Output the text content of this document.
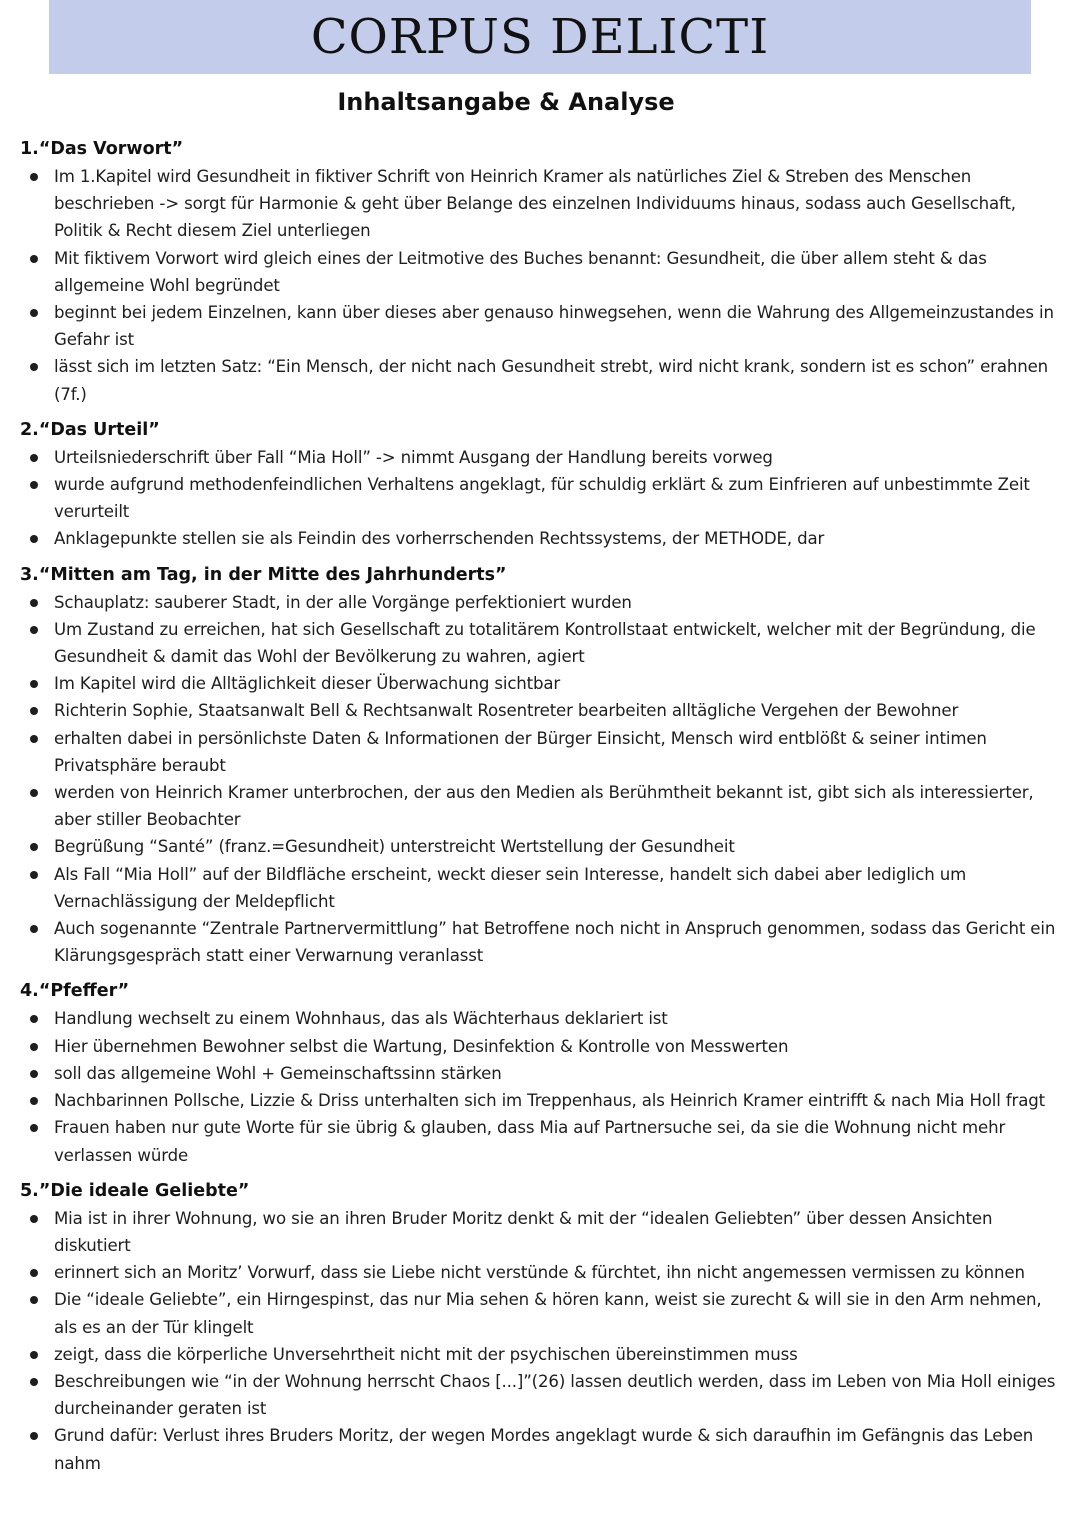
CORPUS DELICTI
Inhaltsangabe & Analyse
1.“Das Vorwort”
Im 1.Kapitel wird Gesundheit in fiktiver Schrift von Heinrich Kramer als natürliches Ziel & Streben des Menschen beschrieben -> sorgt für Harmonie & geht über Belange des einzelnen Individuums hinaus, sodass auch Gesellschaft, Politik & Recht diesem Ziel unterliegen
Mit fiktivem Vorwort wird gleich eines der Leitmotive des Buches benannt: Gesundheit, die über allem steht & das allgemeine Wohl begründet
beginnt bei jedem Einzelnen, kann über dieses aber genauso hinwegsehen, wenn die Wahrung des Allgemeinzustandes in Gefahr ist
lässt sich im letzten Satz: “Ein Mensch, der nicht nach Gesundheit strebt, wird nicht krank, sondern ist es schon” erahnen (7f.)
2.“Das Urteil”
Urteilsniederschrift über Fall “Mia Holl” -> nimmt Ausgang der Handlung bereits vorweg
wurde aufgrund methodenfeindlichen Verhaltens angeklagt, für schuldig erklärt & zum Einfrieren auf unbestimmte Zeit verurteilt
Anklagepunkte stellen sie als Feindin des vorherrschenden Rechtssystems, der METHODE, dar
3.“Mitten am Tag, in der Mitte des Jahrhunderts”
Schauplatz: sauberer Stadt, in der alle Vorgänge perfektioniert wurden
Um Zustand zu erreichen, hat sich Gesellschaft zu totalitärem Kontrollstaat entwickelt, welcher mit der Begründung, die Gesundheit & damit das Wohl der Bevölkerung zu wahren, agiert
Im Kapitel wird die Alltäglichkeit dieser Überwachung sichtbar
Richterin Sophie, Staatsanwalt Bell & Rechtsanwalt Rosentreter bearbeiten alltägliche Vergehen der Bewohner
erhalten dabei in persönlichste Daten & Informationen der Bürger Einsicht, Mensch wird entblößt & seiner intimen Privatsphäre beraubt
werden von Heinrich Kramer unterbrochen, der aus den Medien als Berühmtheit bekannt ist, gibt sich als interessierter, aber stiller Beobachter
Begrüßung “Santé” (franz.=Gesundheit) unterstreicht Wertstellung der Gesundheit
Als Fall “Mia Holl” auf der Bildfläche erscheint, weckt dieser sein Interesse, handelt sich dabei aber lediglich um Vernachlässigung der Meldepflicht
Auch sogenannte “Zentrale Partnervermittlung” hat Betroffene noch nicht in Anspruch genommen, sodass das Gericht ein Klärungsgespräch statt einer Verwarnung veranlasst
4.“Pfeffer”
Handlung wechselt zu einem Wohnhaus, das als Wächterhaus deklariert ist
Hier übernehmen Bewohner selbst die Wartung, Desinfektion & Kontrolle von Messwerten
soll das allgemeine Wohl + Gemeinschaftssinn stärken
Nachbarinnen Pollsche, Lizzie & Driss unterhalten sich im Treppenhaus, als Heinrich Kramer eintrifft & nach Mia Holl fragt
Frauen haben nur gute Worte für sie übrig & glauben, dass Mia auf Partnersuche sei, da sie die Wohnung nicht mehr verlassen würde
5.”Die ideale Geliebte”
Mia ist in ihrer Wohnung, wo sie an ihren Bruder Moritz denkt & mit der “idealen Geliebten” über dessen Ansichten diskutiert
erinnert sich an Moritz’ Vorwurf, dass sie Liebe nicht verstünde & fürchtet, ihn nicht angemessen vermissen zu können
Die “ideale Geliebte”, ein Hirngespinst, das nur Mia sehen & hören kann, weist sie zurecht & will sie in den Arm nehmen, als es an der Tür klingelt
zeigt, dass die körperliche Unversehrtheit nicht mit der psychischen übereinstimmen muss
Beschreibungen wie “in der Wohnung herrscht Chaos [...]”(26) lassen deutlich werden, dass im Leben von Mia Holl einiges durcheinander geraten ist
Grund dafür: Verlust ihres Bruders Moritz, der wegen Mordes angeklagt wurde & sich daraufhin im Gefängnis das Leben nahm
